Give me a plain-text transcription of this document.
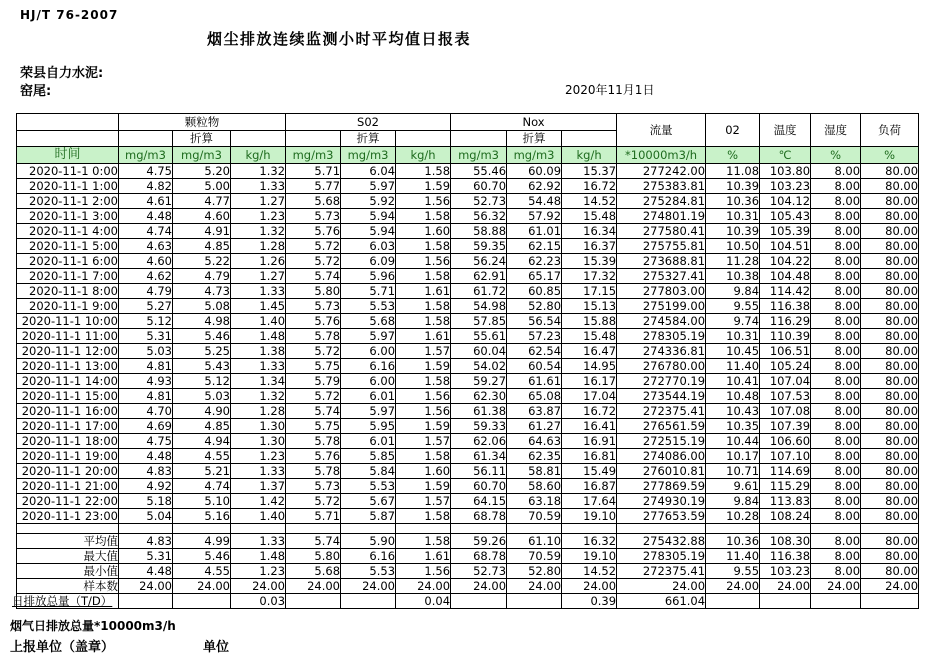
HJ/T 76-2007
烟尘排放连续监测小时平均值日报表
荣县自力水泥:
窑尾:	2020年11月1日
	颗粒物			S02			Nox			流量	02	温度	湿度	负荷
		折算			折算			折算						
时间	mg/m3	mg/m3	kg/h	mg/m3	mg/m3	kg/h	mg/m3	mg/m3	kg/h	*10000m3/h	%	℃	%	%
2020-11-1 0:00	4.75	5.20	1.32	5.71	6.04	1.58	55.46	60.09	15.37	277242.00	11.08	103.80	8.00	80.00
2020-11-1 1:00	4.82	5.00	1.33	5.77	5.97	1.59	60.70	62.92	16.72	275383.81	10.39	103.23	8.00	80.00
2020-11-1 2:00	4.61	4.77	1.27	5.68	5.92	1.56	52.73	54.48	14.52	275284.81	10.36	104.12	8.00	80.00
2020-11-1 3:00	4.48	4.60	1.23	5.73	5.94	1.58	56.32	57.92	15.48	274801.19	10.31	105.43	8.00	80.00
2020-11-1 4:00	4.74	4.91	1.32	5.76	5.94	1.60	58.88	61.01	16.34	277580.41	10.39	105.39	8.00	80.00
2020-11-1 5:00	4.63	4.85	1.28	5.72	6.03	1.58	59.35	62.15	16.37	275755.81	10.50	104.51	8.00	80.00
2020-11-1 6:00	4.60	5.22	1.26	5.72	6.09	1.56	56.24	62.23	15.39	273688.81	11.28	104.22	8.00	80.00
2020-11-1 7:00	4.62	4.79	1.27	5.74	5.96	1.58	62.91	65.17	17.32	275327.41	10.38	104.48	8.00	80.00
2020-11-1 8:00	4.79	4.73	1.33	5.80	5.71	1.61	61.72	60.85	17.15	277803.00	9.84	114.42	8.00	80.00
2020-11-1 9:00	5.27	5.08	1.45	5.73	5.53	1.58	54.98	52.80	15.13	275199.00	9.55	116.38	8.00	80.00
2020-11-1 10:00	5.12	4.98	1.40	5.76	5.68	1.58	57.85	56.54	15.88	274584.00	9.74	116.29	8.00	80.00
2020-11-1 11:00	5.31	5.46	1.48	5.78	5.97	1.61	55.61	57.23	15.48	278305.19	10.31	110.39	8.00	80.00
2020-11-1 12:00	5.03	5.25	1.38	5.72	6.00	1.57	60.04	62.54	16.47	274336.81	10.45	106.51	8.00	80.00
2020-11-1 13:00	4.81	5.43	1.33	5.75	6.16	1.59	54.02	60.54	14.95	276780.00	11.40	105.24	8.00	80.00
2020-11-1 14:00	4.93	5.12	1.34	5.79	6.00	1.58	59.27	61.61	16.17	272770.19	10.41	107.04	8.00	80.00
2020-11-1 15:00	4.81	5.03	1.32	5.72	6.01	1.56	62.30	65.08	17.04	273544.19	10.48	107.53	8.00	80.00
2020-11-1 16:00	4.70	4.90	1.28	5.74	5.97	1.56	61.38	63.87	16.72	272375.41	10.43	107.08	8.00	80.00
2020-11-1 17:00	4.69	4.85	1.30	5.75	5.95	1.59	59.33	61.27	16.41	276561.59	10.35	107.39	8.00	80.00
2020-11-1 18:00	4.75	4.94	1.30	5.78	6.01	1.57	62.06	64.63	16.91	272515.19	10.44	106.60	8.00	80.00
2020-11-1 19:00	4.48	4.55	1.23	5.76	5.85	1.58	61.34	62.35	16.81	274086.00	10.17	107.10	8.00	80.00
2020-11-1 20:00	4.83	5.21	1.33	5.78	5.84	1.60	56.11	58.81	15.49	276010.81	10.71	114.69	8.00	80.00
2020-11-1 21:00	4.92	4.74	1.37	5.73	5.53	1.59	60.70	58.60	16.87	277869.59	9.61	115.29	8.00	80.00
2020-11-1 22:00	5.18	5.10	1.42	5.72	5.67	1.57	64.15	63.18	17.64	274930.19	9.84	113.83	8.00	80.00
2020-11-1 23:00	5.04	5.16	1.40	5.71	5.87	1.58	68.78	70.59	19.10	277653.59	10.28	108.24	8.00	80.00

平均值	4.83	4.99	1.33	5.74	5.90	1.58	59.26	61.10	16.32	275432.88	10.36	108.30	8.00	80.00
最大值	5.31	5.46	1.48	5.80	6.16	1.61	68.78	70.59	19.10	278305.19	11.40	116.38	8.00	80.00
最小值	4.48	4.55	1.23	5.68	5.53	1.56	52.73	52.80	14.52	272375.41	9.55	103.23	8.00	80.00
样本数	24.00	24.00	24.00	24.00	24.00	24.00	24.00	24.00	24.00	24.00	24.00	24.00	24.00	24.00
日排放总量（T/D）			0.03			0.04			0.39	661.04				
烟气日排放总量*10000m3/h
上报单位（盖章）	单位
